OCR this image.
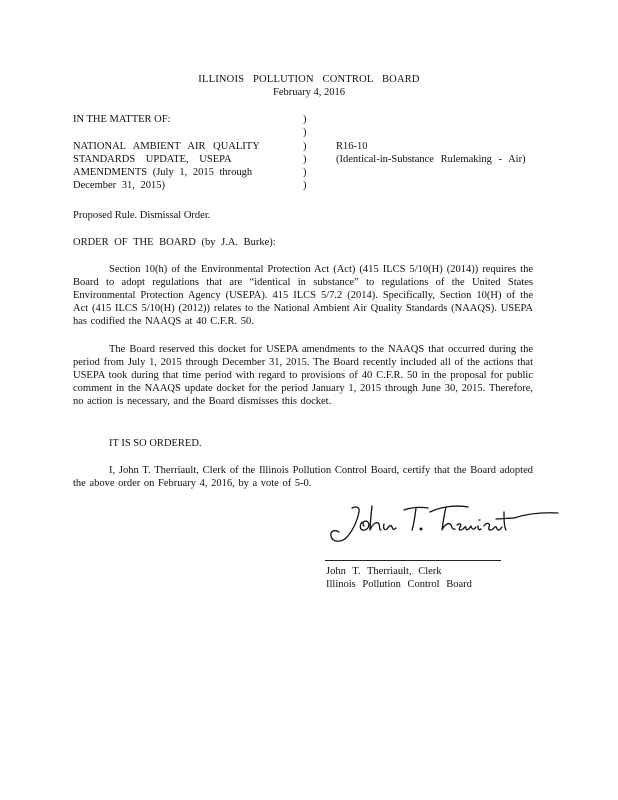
ILLINOIS POLLUTION CONTROL BOARD
February 4, 2016
IN THE MATTER OF:
NATIONAL AMBIENT AIR QUALITY
STANDARDS UPDATE, USEPA
AMENDMENTS (July 1, 2015 through
December 31, 2015)
)
)
)
)
)
)
R16-10
(Identical-in-Substance Rulemaking - Air)
Proposed Rule. Dismissal Order.
ORDER OF THE BOARD (by J.A. Burke):
Section 10(h) of the Environmental Protection Act (Act) (415 ILCS 5/10(H) (2014)) requires the Board to adopt regulations that are “identical in substance” to regulations of the United States Environmental Protection Agency (USEPA). 415 ILCS 5/7.2 (2014). Specifically, Section 10(H) of the Act (415 ILCS 5/10(H) (2012)) relates to the National Ambient Air Quality Standards (NAAQS). USEPA has codified the NAAQS at 40 C.F.R. 50.
The Board reserved this docket for USEPA amendments to the NAAQS that occurred during the period from July 1, 2015 through December 31, 2015. The Board recently included all of the actions that USEPA took during that time period with regard to provisions of 40 C.F.R. 50 in the proposal for public comment in the NAAQS update docket for the period January 1, 2015 through June 30, 2015. Therefore, no action is necessary, and the Board dismisses this docket.
IT IS SO ORDERED.
I, John T. Therriault, Clerk of the Illinois Pollution Control Board, certify that the Board adopted the above order on February 4, 2016, by a vote of 5-0.
John T. Therriault, Clerk
Illinois Pollution Control Board
